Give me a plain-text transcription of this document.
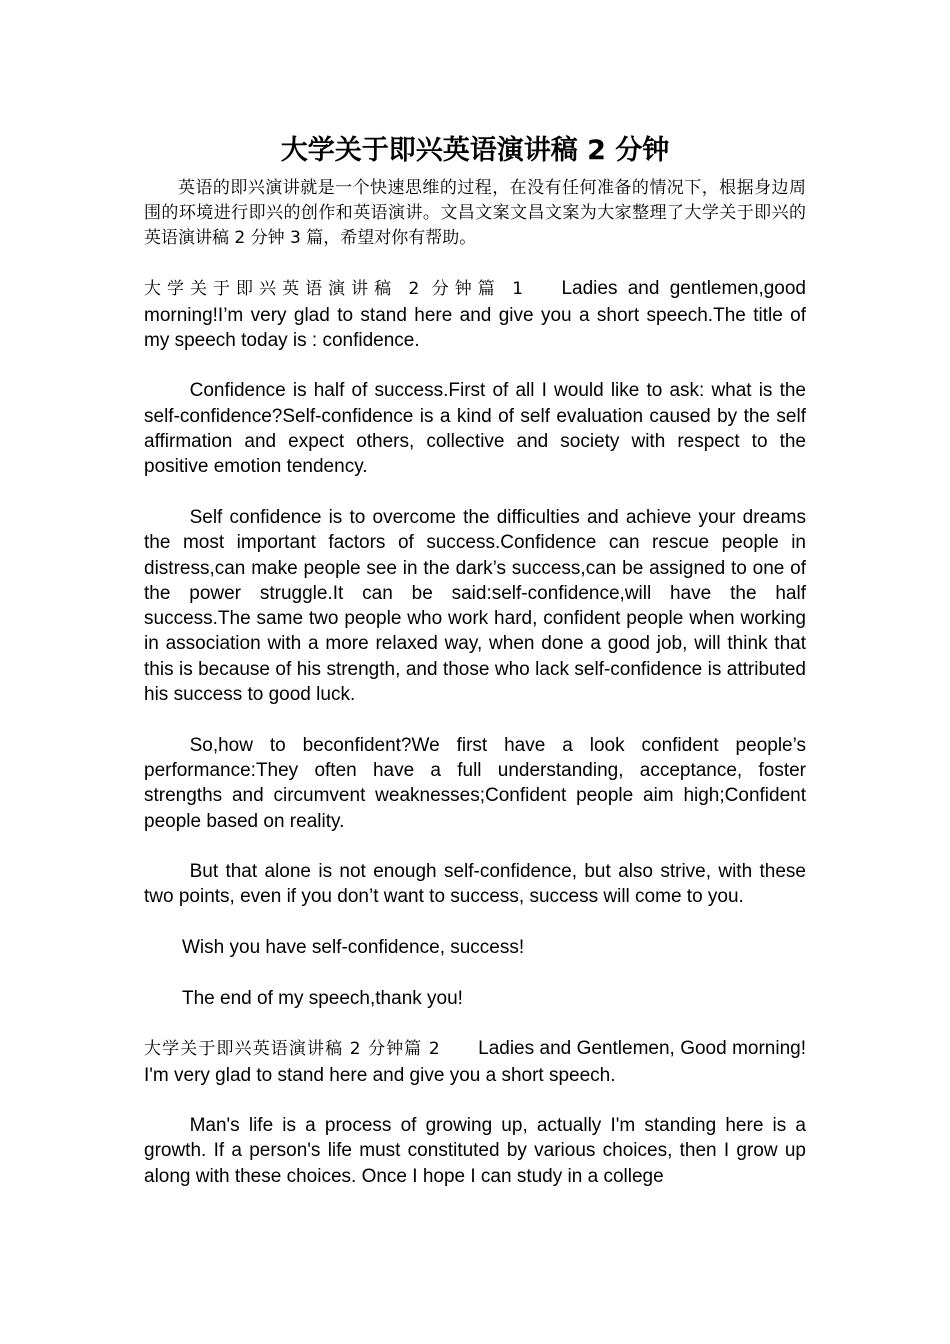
大学关于即兴英语演讲稿 2 分钟

英语的即兴演讲就是一个快速思维的过程，在没有任何准备的情况下，根据身边周围的环境进行即兴的创作和英语演讲。文昌文案文昌文案为大家整理了大学关于即兴的英语演讲稿 2 分钟 3 篇，希望对你有帮助。

大学关于即兴英语演讲稿 2 分钟篇 1 Ladies and gentlemen,good morning!I’m very glad to stand here and give you a short speech.The title of my speech today is : confidence.

Confidence is half of success.First of all I would like to ask: what is the self-confidence?Self-confidence is a kind of self evaluation caused by the self affirmation and expect others, collective and society with respect to the positive emotion tendency.

Self confidence is to overcome the difficulties and achieve your dreams the most important factors of success.Confidence can rescue people in distress,can make people see in the dark’s success,can be assigned to one of the power struggle.It can be said:self-confidence,will have the half success.The same two people who work hard, confident people when working in association with a more relaxed way, when done a good job, will think that this is because of his strength, and those who lack self-confidence is attributed his success to good luck.

So,how to beconfident?We first have a look confident people’s performance:They often have a full understanding, acceptance, foster strengths and circumvent weaknesses;Confident people aim high;Confident people based on reality.

But that alone is not enough self-confidence, but also strive, with these two points, even if you don’t want to success, success will come to you.

Wish you have self-confidence, success!

The end of my speech,thank you!

大学关于即兴英语演讲稿 2 分钟篇 2 Ladies and Gentlemen, Good morning! I'm very glad to stand here and give you a short speech.

Man's life is a process of growing up, actually I'm standing here is a growth. If a person's life must constituted by various choices, then I grow up along with these choices. Once I hope I can study in a college
